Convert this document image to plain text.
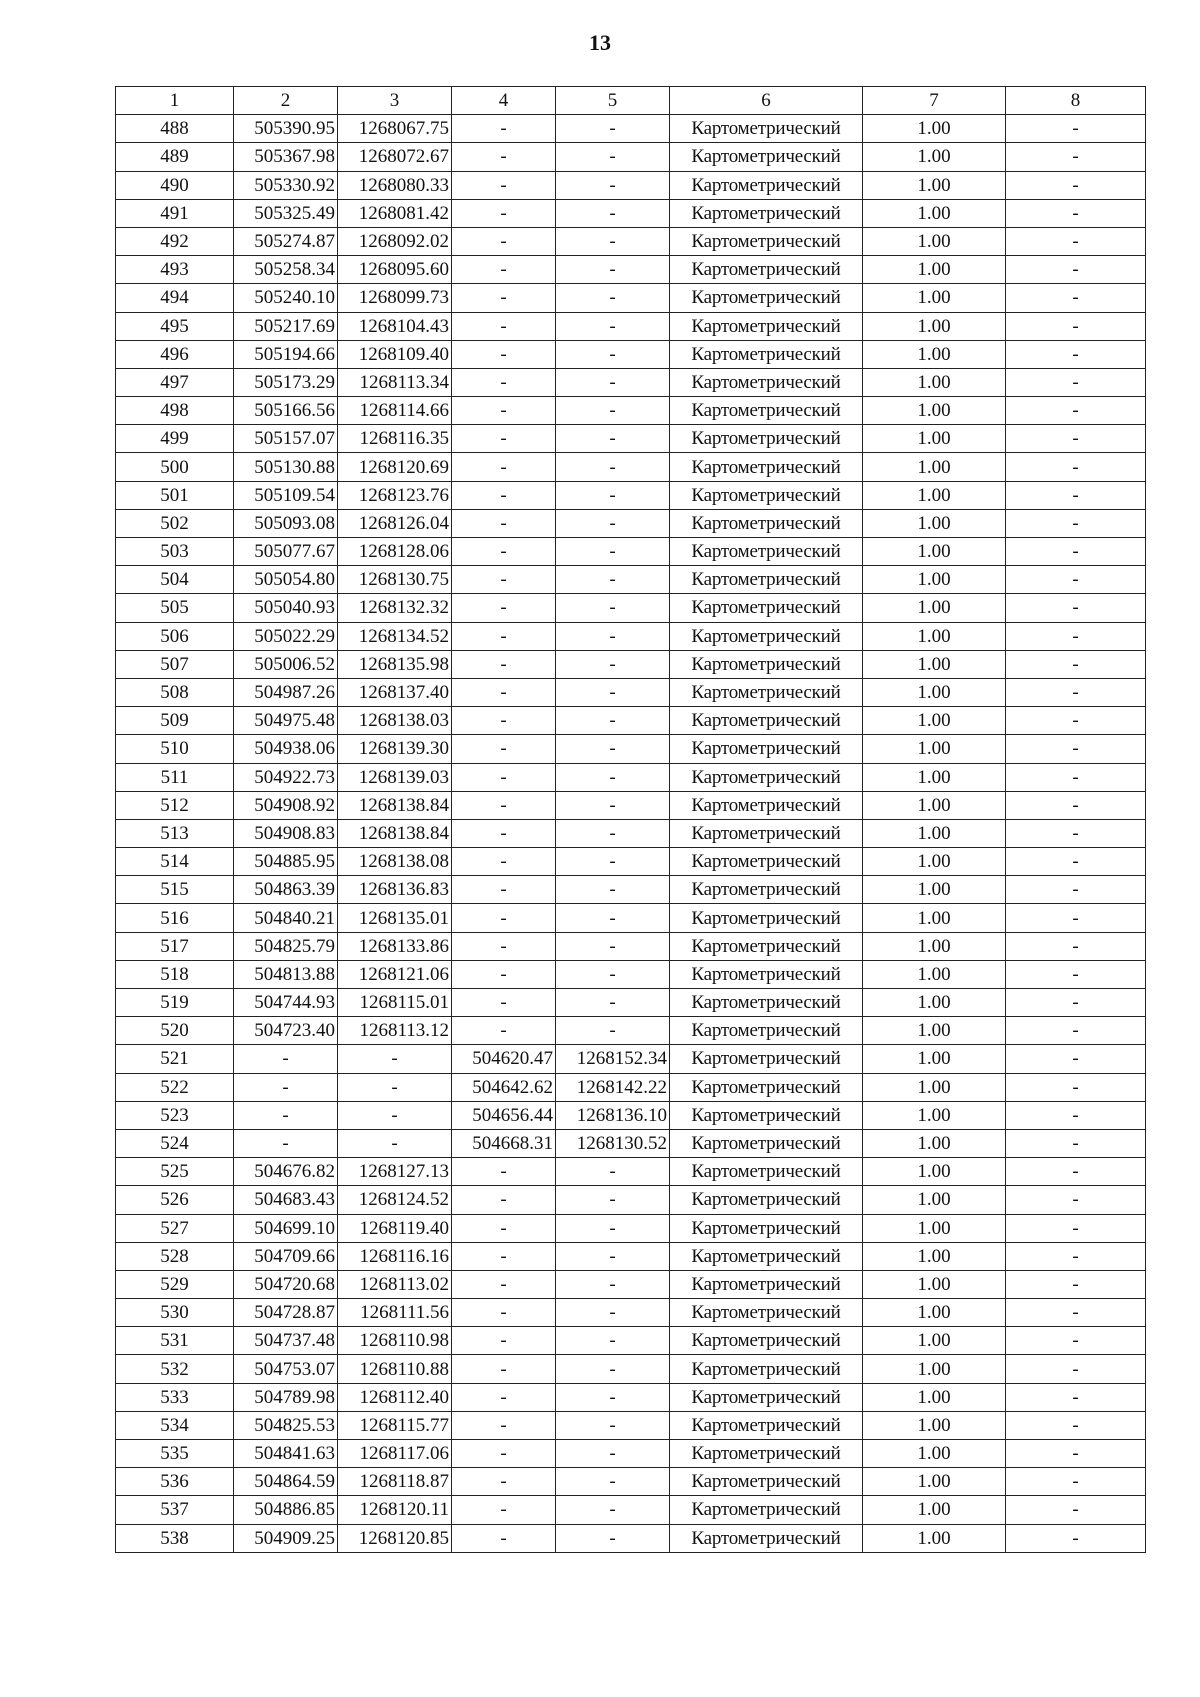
13
1	2	3	4	5	6	7	8
488	505390.95	1268067.75	-	-	Картометрический	1.00	-
489	505367.98	1268072.67	-	-	Картометрический	1.00	-
490	505330.92	1268080.33	-	-	Картометрический	1.00	-
491	505325.49	1268081.42	-	-	Картометрический	1.00	-
492	505274.87	1268092.02	-	-	Картометрический	1.00	-
493	505258.34	1268095.60	-	-	Картометрический	1.00	-
494	505240.10	1268099.73	-	-	Картометрический	1.00	-
495	505217.69	1268104.43	-	-	Картометрический	1.00	-
496	505194.66	1268109.40	-	-	Картометрический	1.00	-
497	505173.29	1268113.34	-	-	Картометрический	1.00	-
498	505166.56	1268114.66	-	-	Картометрический	1.00	-
499	505157.07	1268116.35	-	-	Картометрический	1.00	-
500	505130.88	1268120.69	-	-	Картометрический	1.00	-
501	505109.54	1268123.76	-	-	Картометрический	1.00	-
502	505093.08	1268126.04	-	-	Картометрический	1.00	-
503	505077.67	1268128.06	-	-	Картометрический	1.00	-
504	505054.80	1268130.75	-	-	Картометрический	1.00	-
505	505040.93	1268132.32	-	-	Картометрический	1.00	-
506	505022.29	1268134.52	-	-	Картометрический	1.00	-
507	505006.52	1268135.98	-	-	Картометрический	1.00	-
508	504987.26	1268137.40	-	-	Картометрический	1.00	-
509	504975.48	1268138.03	-	-	Картометрический	1.00	-
510	504938.06	1268139.30	-	-	Картометрический	1.00	-
511	504922.73	1268139.03	-	-	Картометрический	1.00	-
512	504908.92	1268138.84	-	-	Картометрический	1.00	-
513	504908.83	1268138.84	-	-	Картометрический	1.00	-
514	504885.95	1268138.08	-	-	Картометрический	1.00	-
515	504863.39	1268136.83	-	-	Картометрический	1.00	-
516	504840.21	1268135.01	-	-	Картометрический	1.00	-
517	504825.79	1268133.86	-	-	Картометрический	1.00	-
518	504813.88	1268121.06	-	-	Картометрический	1.00	-
519	504744.93	1268115.01	-	-	Картометрический	1.00	-
520	504723.40	1268113.12	-	-	Картометрический	1.00	-
521	-	-	504620.47	1268152.34	Картометрический	1.00	-
522	-	-	504642.62	1268142.22	Картометрический	1.00	-
523	-	-	504656.44	1268136.10	Картометрический	1.00	-
524	-	-	504668.31	1268130.52	Картометрический	1.00	-
525	504676.82	1268127.13	-	-	Картометрический	1.00	-
526	504683.43	1268124.52	-	-	Картометрический	1.00	-
527	504699.10	1268119.40	-	-	Картометрический	1.00	-
528	504709.66	1268116.16	-	-	Картометрический	1.00	-
529	504720.68	1268113.02	-	-	Картометрический	1.00	-
530	504728.87	1268111.56	-	-	Картометрический	1.00	-
531	504737.48	1268110.98	-	-	Картометрический	1.00	-
532	504753.07	1268110.88	-	-	Картометрический	1.00	-
533	504789.98	1268112.40	-	-	Картометрический	1.00	-
534	504825.53	1268115.77	-	-	Картометрический	1.00	-
535	504841.63	1268117.06	-	-	Картометрический	1.00	-
536	504864.59	1268118.87	-	-	Картометрический	1.00	-
537	504886.85	1268120.11	-	-	Картометрический	1.00	-
538	504909.25	1268120.85	-	-	Картометрический	1.00	-
